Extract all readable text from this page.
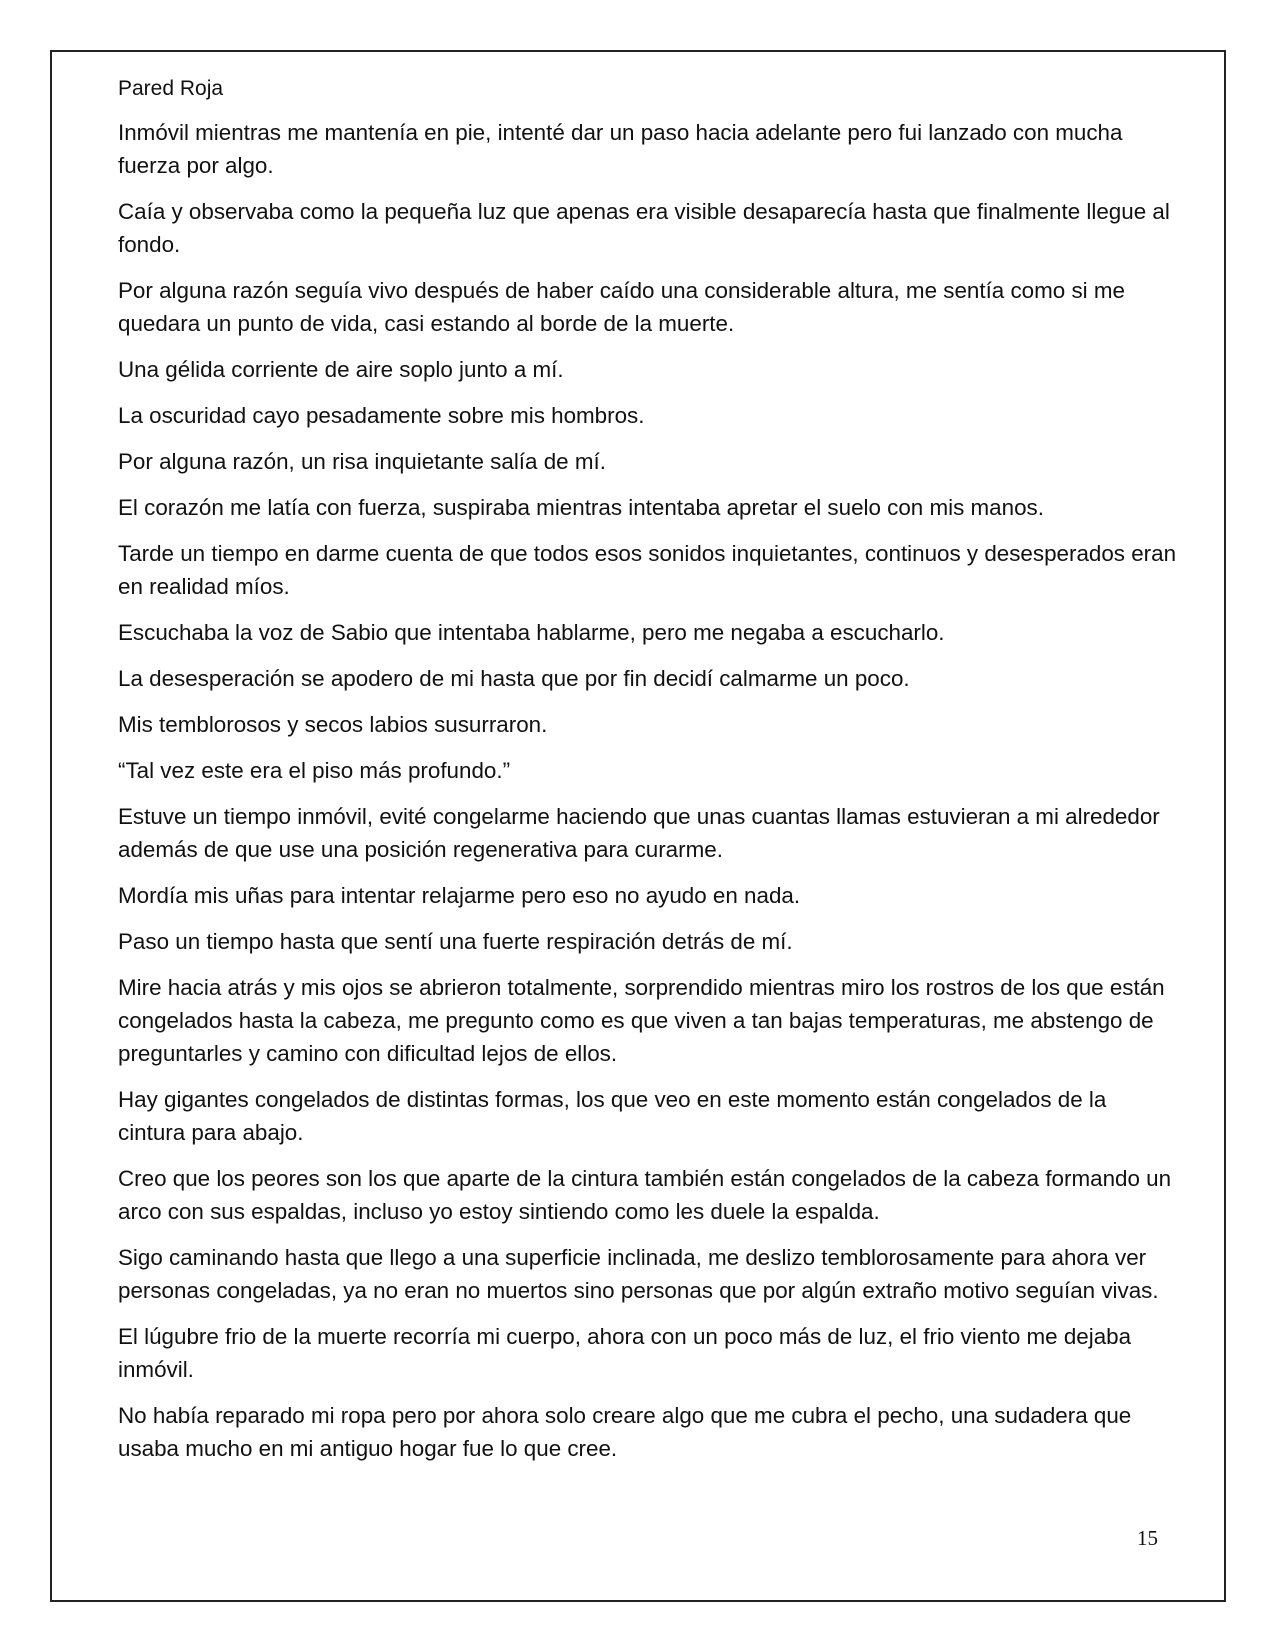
Pared Roja

Inmóvil mientras me mantenía en pie, intenté dar un paso hacia adelante pero fui lanzado con mucha fuerza por algo.

Caía y observaba como la pequeña luz que apenas era visible desaparecía hasta que finalmente llegue al fondo.

Por alguna razón seguía vivo después de haber caído una considerable altura, me sentía como si me quedara un punto de vida, casi estando al borde de la muerte.

Una gélida corriente de aire soplo junto a mí.

La oscuridad cayo pesadamente sobre mis hombros.

Por alguna razón, un risa inquietante salía de mí.

El corazón me latía con fuerza, suspiraba mientras intentaba apretar el suelo con mis manos.

Tarde un tiempo en darme cuenta de que todos esos sonidos inquietantes, continuos y desesperados eran en realidad míos.

Escuchaba la voz de Sabio que intentaba hablarme, pero me negaba a escucharlo.

La desesperación se apodero de mi hasta que por fin decidí calmarme un poco.

Mis temblorosos y secos labios susurraron.

“Tal vez este era el piso más profundo.”

Estuve un tiempo inmóvil, evité congelarme haciendo que unas cuantas llamas estuvieran a mi alrededor además de que use una posición regenerativa para curarme.

Mordía mis uñas para intentar relajarme pero eso no ayudo en nada.

Paso un tiempo hasta que sentí una fuerte respiración detrás de mí.

Mire hacia atrás y mis ojos se abrieron totalmente, sorprendido mientras miro los rostros de los que están congelados hasta la cabeza, me pregunto como es que viven a tan bajas temperaturas, me abstengo de preguntarles y camino con dificultad lejos de ellos.

Hay gigantes congelados de distintas formas, los que veo en este momento están congelados de la cintura para abajo.

Creo que los peores son los que aparte de la cintura también están congelados de la cabeza formando un arco con sus espaldas, incluso yo estoy sintiendo como les duele la espalda.

Sigo caminando hasta que llego a una superficie inclinada, me deslizo temblorosamente para ahora ver personas congeladas, ya no eran no muertos sino personas que por algún extraño motivo seguían vivas.

El lúgubre frio de la muerte recorría mi cuerpo, ahora con un poco más de luz, el frio viento me dejaba inmóvil.

No había reparado mi ropa pero por ahora solo creare algo que me cubra el pecho, una sudadera que usaba mucho en mi antiguo hogar fue lo que cree.

15
